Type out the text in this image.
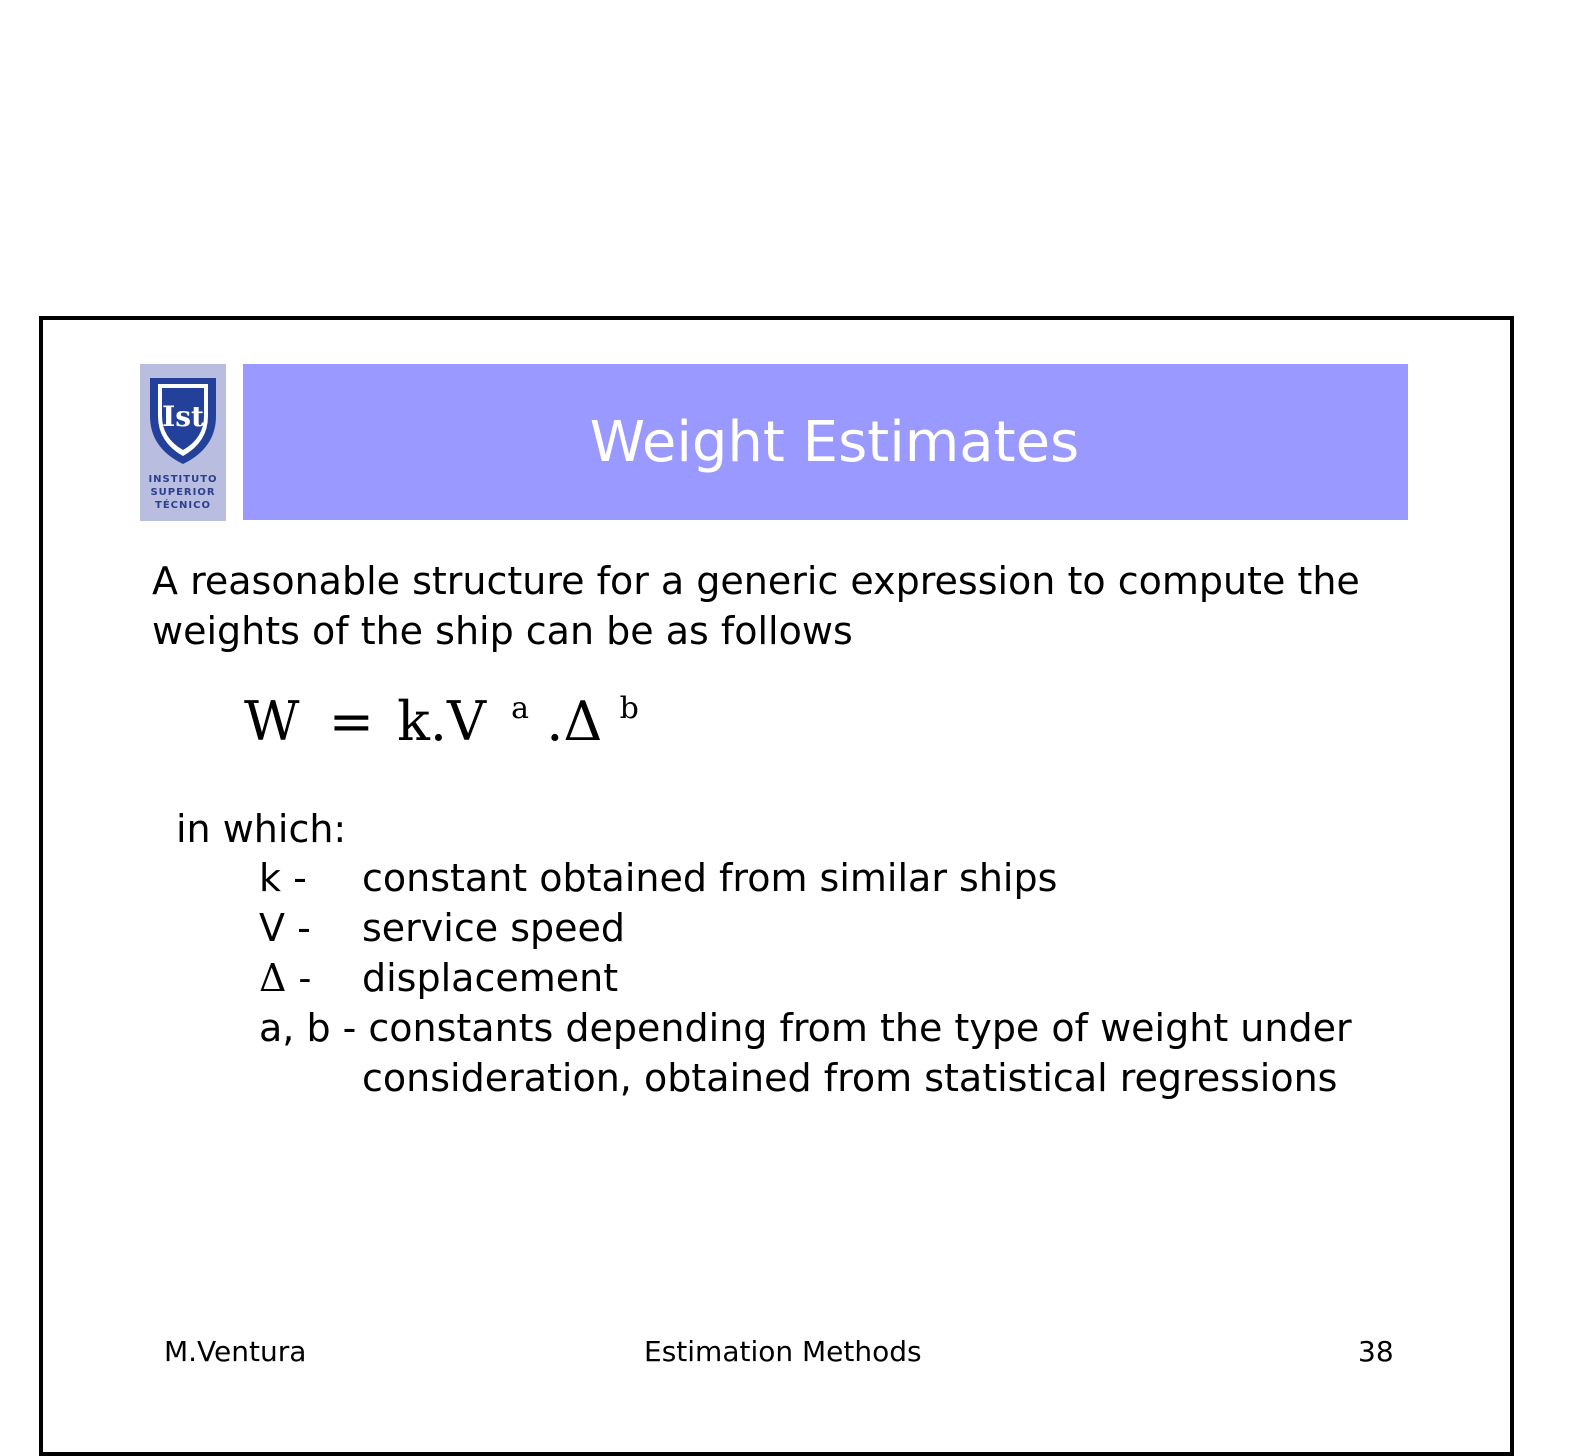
Ist
INSTITUTO
SUPERIOR
TÉCNICO
Weight Estimates
A reasonable structure for a generic expression to compute the weights of the ship can be as follows
W = k.V $^a$ .Δ $^b$
in which:
k -	constant obtained from similar ships
V -	service speed
Δ -	displacement
a, b - constants depending from the type of weight under
consideration, obtained from statistical regressions
M.Ventura	Estimation Methods	38
